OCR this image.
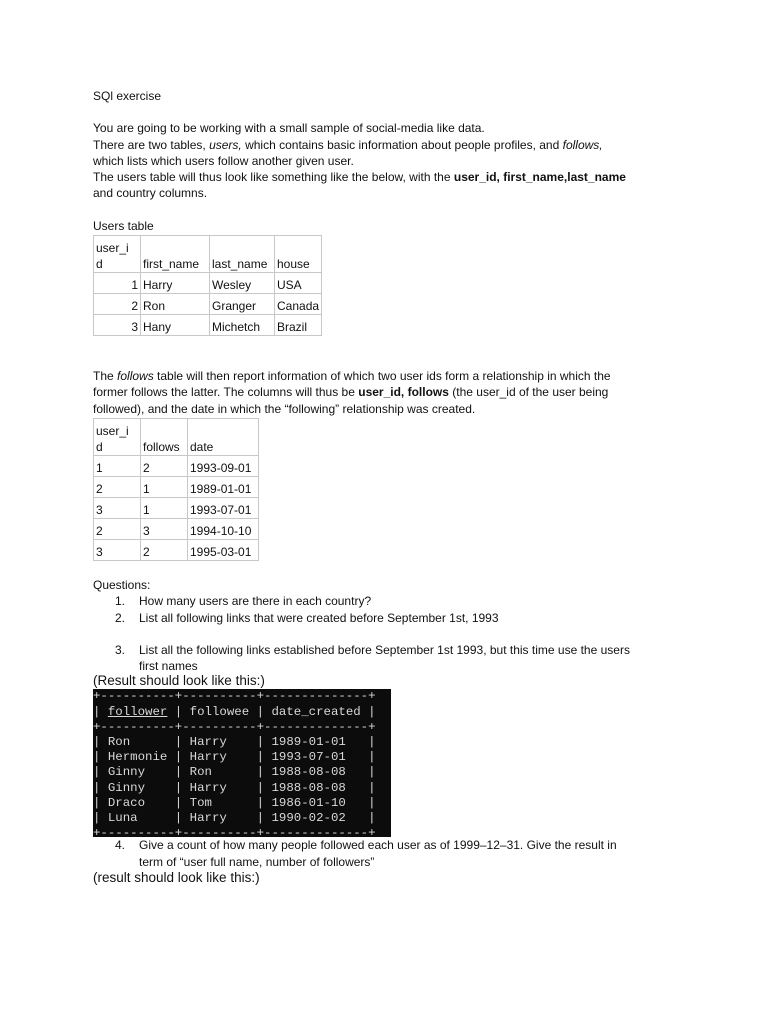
SQl exercise

You are going to be working with a small sample of social-media like data.
There are two tables, users, which contains basic information about people profiles, and follows,
which lists which users follow another given user.
The users table will thus look like something like the below, with the user_id, first_name,last_name
and country columns.

Users table

user_i
d	first_name	last_name	house
1	Harry	Wesley	USA
2	Ron	Granger	Canada
3	Hany	Michetch	Brazil
The follows table will then report information of which two user ids form a relationship in which the
former follows the latter. The columns will thus be user_id, follows (the user_id of the user being
followed), and the date in which the “following” relationship was created.
user_i
d	follows	date
1	2	1993-09-01
2	1	1989-01-01
3	1	1993-07-01
2	3	1994-10-10
3	2	1995-03-01

Questions:

1. How many users are there in each country?
2. List all following links that were created before September 1st, 1993
3. List all the following links established before September 1st 1993, but this time use the users
first names

(Result should look like this:)

+----------+----------+--------------+
| follower | followee | date_created |
+----------+----------+--------------+
| Ron      | Harry    | 1989-01-01   |
| Hermonie | Harry    | 1993-07-01   |
| Ginny    | Ron      | 1988-08-08   |
| Ginny    | Harry    | 1988-08-08   |
| Draco    | Tom      | 1986-01-10   |
| Luna     | Harry    | 1990-02-02   |
+----------+----------+--------------+
4. Give a count of how many people followed each user as of 1999–12–31. Give the result in
term of “user full name, number of followers”

(result should look like this:)
